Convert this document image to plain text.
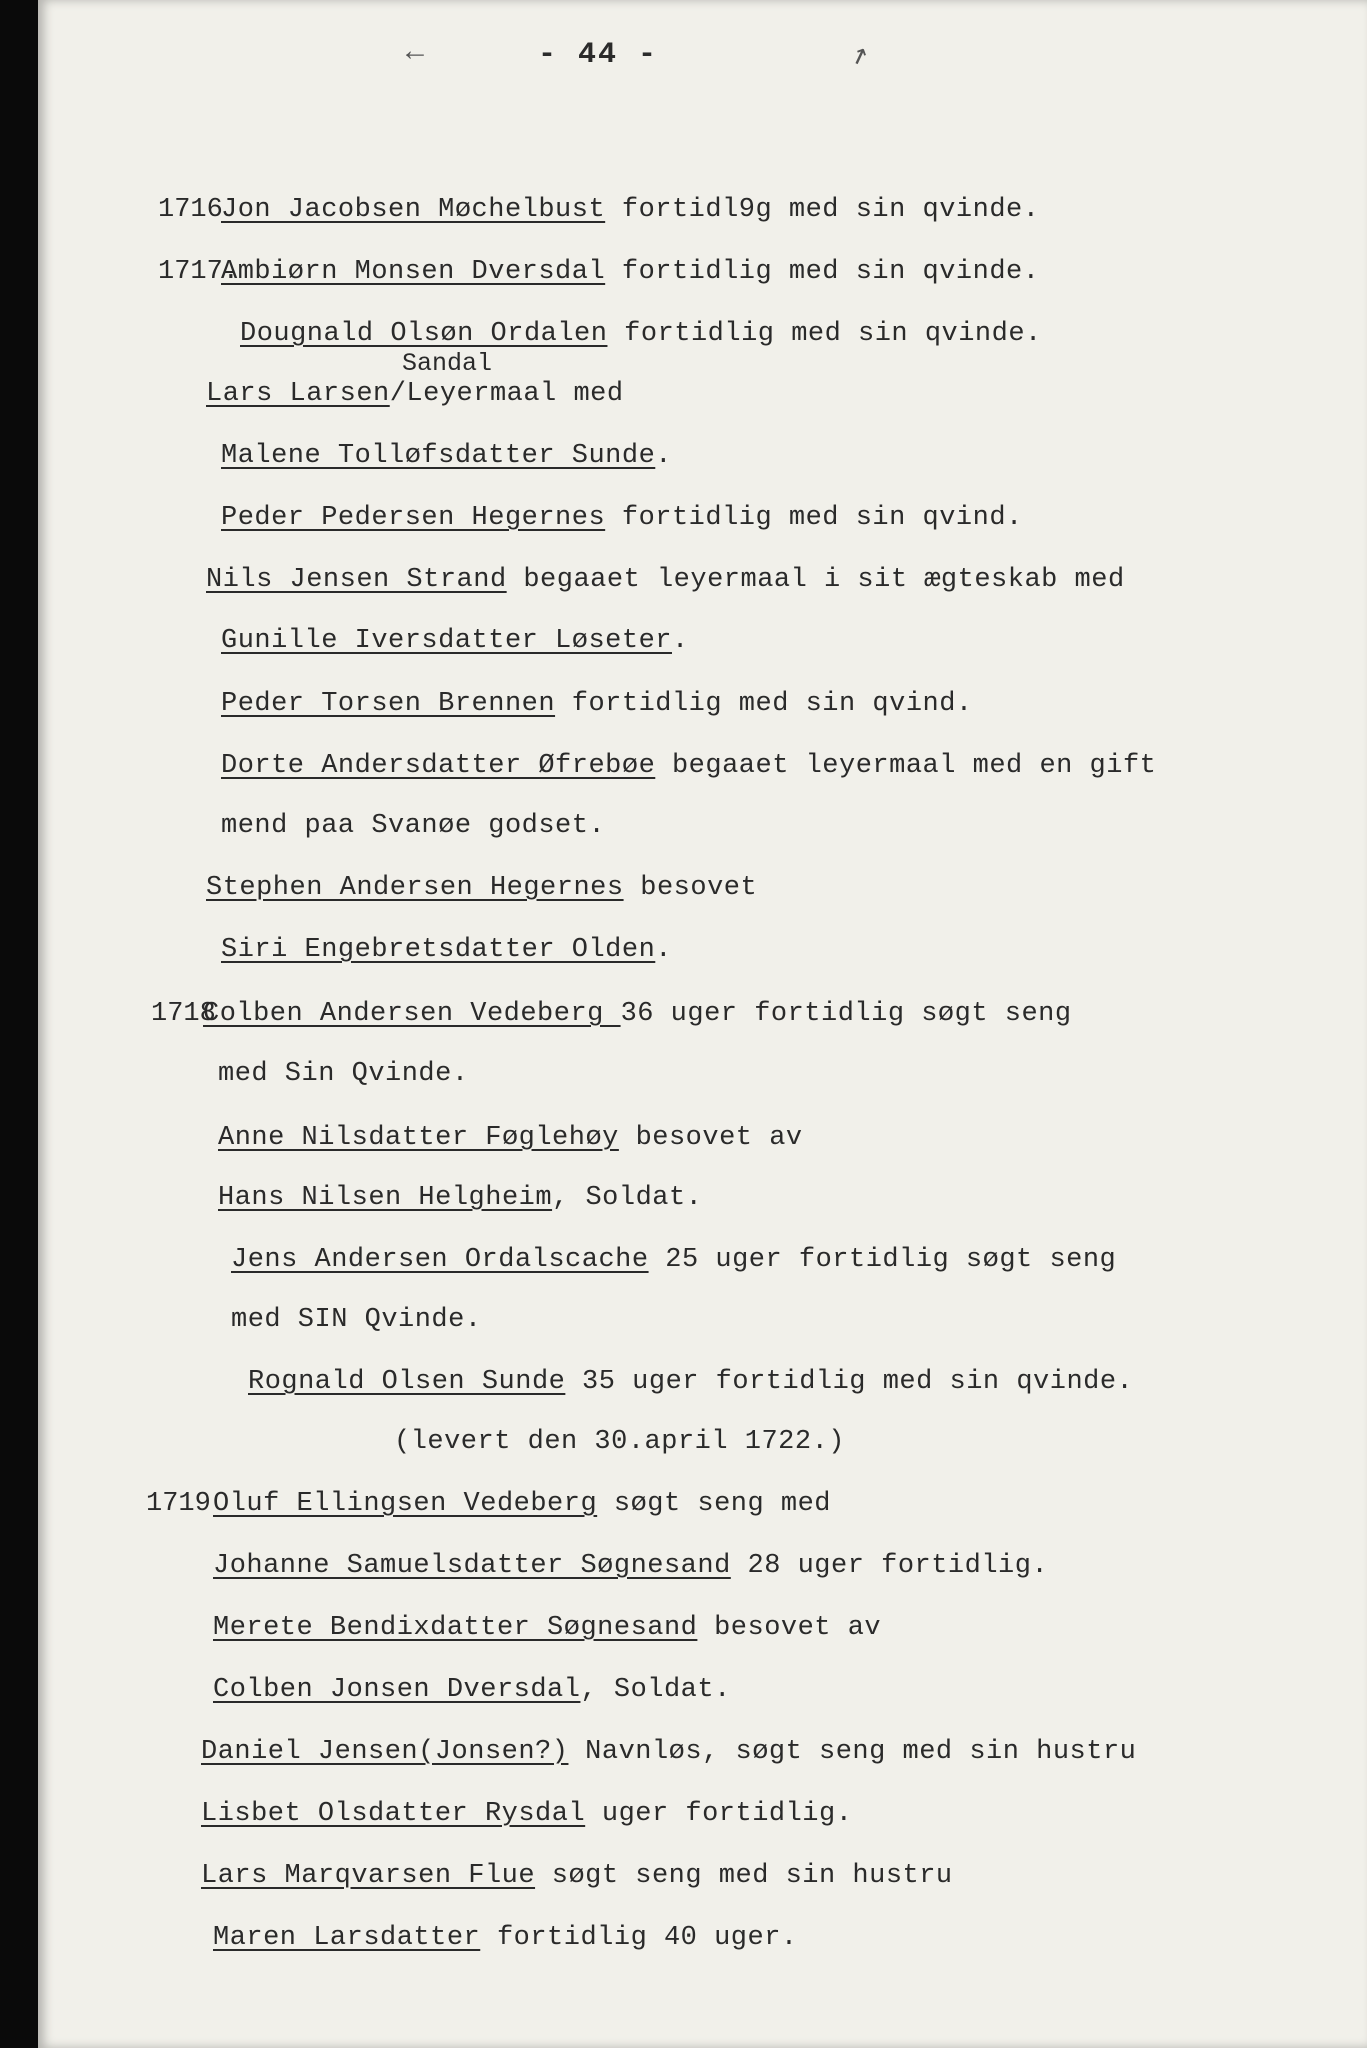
←	- 44 -	↗
1716
Jon Jacobsen Møchelbust fortidl9g med sin qvinde.
1717.
Ambiørn Monsen Dversdal fortidlig med sin qvinde.
Dougnald Olsøn Ordalen fortidlig med sin qvinde.
Sandal
Lars Larsen/Leyermaal med
Malene Tolløfsdatter Sunde.
Peder Pedersen Hegernes fortidlig med sin qvind.
Nils Jensen Strand begaaet leyermaal i sit ægteskab med
Gunille Iversdatter Løseter.
Peder Torsen Brennen fortidlig med sin qvind.
Dorte Andersdatter Øfrebøe begaaet leyermaal med en gift
mend paa Svanøe godset.
Stephen Andersen Hegernes besovet
Siri Engebretsdatter Olden.
1718
Colben Andersen Vedeberg 36 uger fortidlig søgt seng
med Sin Qvinde.
Anne Nilsdatter Føglehøy besovet av
Hans Nilsen Helgheim, Soldat.
Jens Andersen Ordalscache 25 uger fortidlig søgt seng
med SIN Qvinde.
Rognald Olsen Sunde 35 uger fortidlig med sin qvinde.
(levert den 30.april 1722.)
1719 Oluf Ellingsen Vedeberg søgt seng med
Johanne Samuelsdatter Søgnesand 28 uger fortidlig.
Merete Bendixdatter Søgnesand besovet av
Colben Jonsen Dversdal, Soldat.
Daniel Jensen(Jonsen?) Navnløs, søgt seng med sin hustru
Lisbet Olsdatter Rysdal uger fortidlig.
Lars Marqvarsen Flue søgt seng med sin hustru
Maren Larsdatter fortidlig 40 uger.
